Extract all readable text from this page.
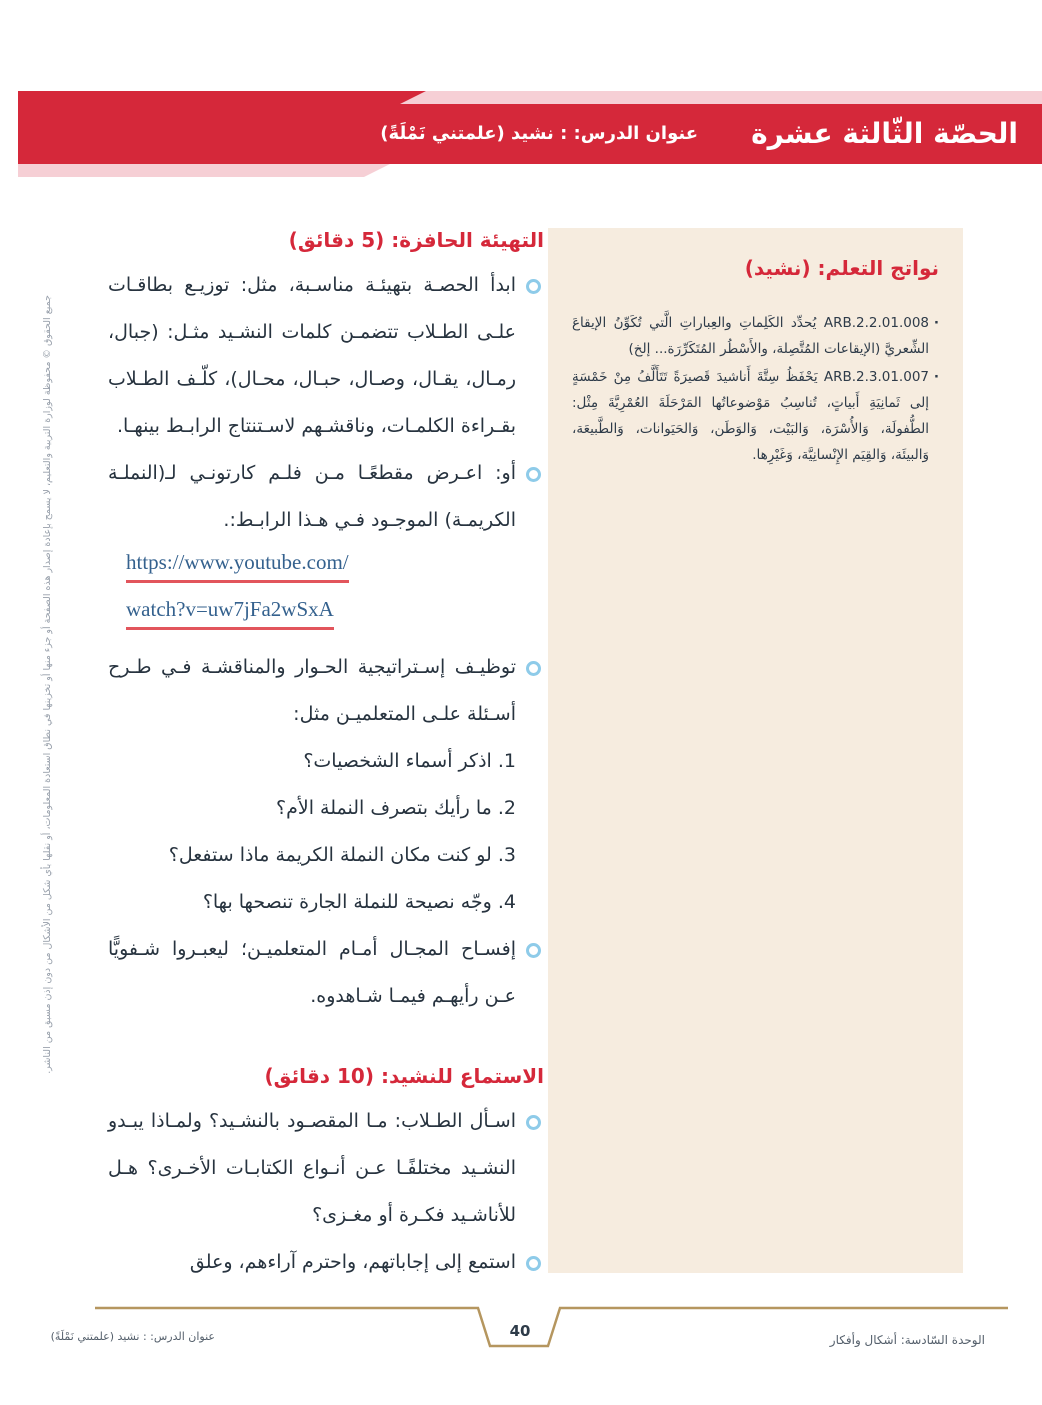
الحصّة الثّالثة عشرة
عنوان الدرس: : نشيد (علمتني نَمْلَةً)
نواتج التعلم: (نشيد)
· ARB.2.2.01.008 يُحدِّد الكَلِماتِ والعِباراتِ الَّتي تُكَوِّنُ الإيقاعَ الشِّعريَّ (الإيقاعات المُتَّصِلة، والأَسْطُر المُتَكَرِّرَة... إلخ)
· ARB.2.3.01.007 يَحْفَظُ سِتَّةَ أَناشيدَ قَصيرَةً تَتَأَلَّفُ مِنْ خَمْسَةٍ إلى ثَمانِيَةِ أَبياتٍ، تُناسِبُ مَوْضوعاتُها المَرْحَلَةَ العُمْرِيَّةَ مِثْل: الطُّفولَة، وَالأُسْرَة، وَالبَيْت، وَالوَطَن، وَالحَيَوانات، وَالطَّبيعَة، وَالبيئَة، وَالقِيَم الإِنْسانِيَّة، وَغَيْرِها.
التهيئة الحافزة: (5 دقائق)
ابدأ الحصـة بتهيئـة مناسـبة، مثل: توزيـع بطاقـات علـى الطـلاب تتضمـن كلمات النشـيد مثـل: (جبال، رمـال، يقـال، وصـال، حبـال، محـال)، كلّـف الطـلاب بقـراءة الكلمـات، وناقشـهم لاسـتنتاج الرابـط بينهـا.
أو: اعـرض مقطعًـا مـن فلـم كارتونـي لـ(النملـة الكريمـة) الموجـود فـي هـذا الرابـط:.
https://www.youtube.com/
watch?v=uw7jFa2wSxA
توظيـف إسـتراتيجية الحـوار والمناقشـة فـي طـرح أسـئلة علـى المتعلميـن مثل:
1. اذكر أسماء الشخصيات؟
2. ما رأيك بتصرف النملة الأم؟
3. لو كنت مكان النملة الكريمة ماذا ستفعل؟
4. وجّه نصيحة للنملة الجارة تنصحها بها؟
إفسـاح المجـال أمـام المتعلميـن؛ ليعبـروا شـفويًّا عـن رأيهـم فيمـا شـاهدوه.
الاستماع للنشيد: (10 دقائق)
اسـأل الطـلاب: مـا المقصـود بالنشـيد؟ ولمـاذا يبـدو النشـيد مختلفًـا عـن أنـواع الكتابـات الأخـرى؟ هـل للأناشـيد فكـرة أو مغـزى؟
استمع إلى إجاباتهم، واحترم آراءهم، وعلق
40	الوحدة السّادسة: أشكال وأفكار
عنوان الدرس: : نشيد (علمتني نَمْلَةً)
جميع الحقوق © محفوظة لوزارة التربية والتعليم، لا يسمح بإعادة إصدار هذه الصفحة أو جزء منها أو تخزينها في نطاق استعادة المعلومات، أو نقلها بأي شكل من الأشكال من دون إذن مسبق من الناشر.
